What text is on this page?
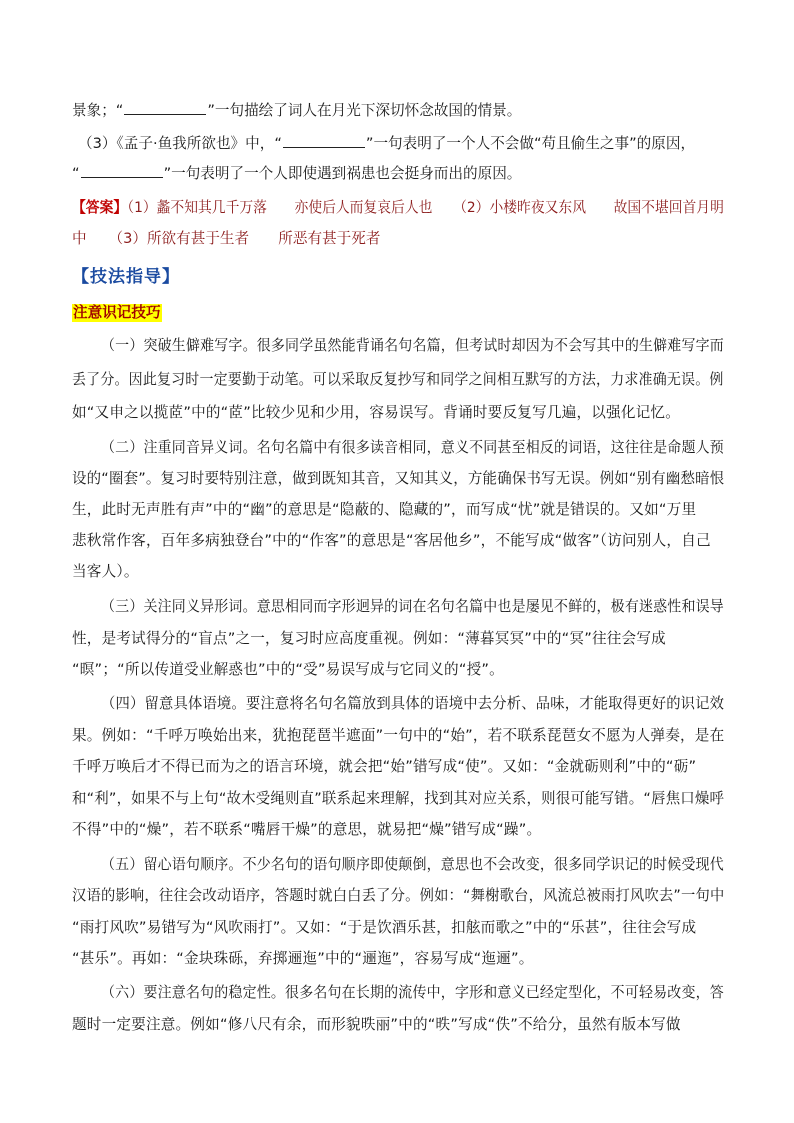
景象；“	”一句描绘了词人在月光下深切怀念故国的情景。
（3）《孟子·鱼我所欲也》中，“	”一句表明了一个人不会做“苟且偷生之事”的原因，
“	”一句表明了一个人即使遇到祸患也会挺身而出的原因。
【答案】（1）蠡不知其几千万落　　亦使后人而复哀后人也　　（2）小楼昨夜又东风　　故国不堪回首月明
中　　（3）所欲有甚于生者　　所恶有甚于死者
【技法指导】
注意识记技巧
（一）突破生僻难写字。很多同学虽然能背诵名句名篇，但考试时却因为不会写其中的生僻难写字而
丢了分。因此复习时一定要勤于动笔。可以采取反复抄写和同学之间相互默写的方法，力求准确无误。例
如“又申之以揽茝”中的“茝”比较少见和少用，容易误写。背诵时要反复写几遍，以强化记忆。
（二）注重同音异义词。名句名篇中有很多读音相同，意义不同甚至相反的词语，这往往是命题人预
设的“圈套”。复习时要特别注意，做到既知其音，又知其义，方能确保书写无误。例如“别有幽愁暗恨
生，此时无声胜有声”中的“幽”的意思是“隐蔽的、隐藏的”，而写成“忧”就是错误的。又如“万里
悲秋常作客，百年多病独登台”中的“作客”的意思是“客居他乡”，不能写成“做客”（访问别人，自己
当客人）。
（三）关注同义异形词。意思相同而字形迥异的词在名句名篇中也是屡见不鲜的，极有迷惑性和误导
性，是考试得分的“盲点”之一，复习时应高度重视。例如：“薄暮冥冥”中的“冥”往往会写成
“暝”；“所以传道受业解惑也”中的“受”易误写成与它同义的“授”。
（四）留意具体语境。要注意将名句名篇放到具体的语境中去分析、品味，才能取得更好的识记效
果。例如：“千呼万唤始出来，犹抱琵琶半遮面”一句中的“始”，若不联系琵琶女不愿为人弹奏，是在
千呼万唤后才不得已而为之的语言环境，就会把“始”错写成“使”。又如：“金就砺则利”中的“砺”
和“利”，如果不与上句“故木受绳则直”联系起来理解，找到其对应关系，则很可能写错。“唇焦口燥呼
不得”中的“燥”，若不联系“嘴唇干燥”的意思，就易把“燥”错写成“躁”。
（五）留心语句顺序。不少名句的语句顺序即使颠倒，意思也不会改变，很多同学识记的时候受现代
汉语的影响，往往会改动语序，答题时就白白丢了分。例如：“舞榭歌台，风流总被雨打风吹去”一句中
“雨打风吹”易错写为“风吹雨打”。又如：“于是饮酒乐甚，扣舷而歌之”中的“乐甚”，往往会写成
“甚乐”。再如：“金块珠砾，弃掷逦迤”中的“逦迤”，容易写成“迤逦”。
（六）要注意名句的稳定性。很多名句在长期的流传中，字形和意义已经定型化，不可轻易改变，答
题时一定要注意。例如“修八尺有余，而形貌昳丽”中的“昳”写成“佚”不给分，虽然有版本写做
